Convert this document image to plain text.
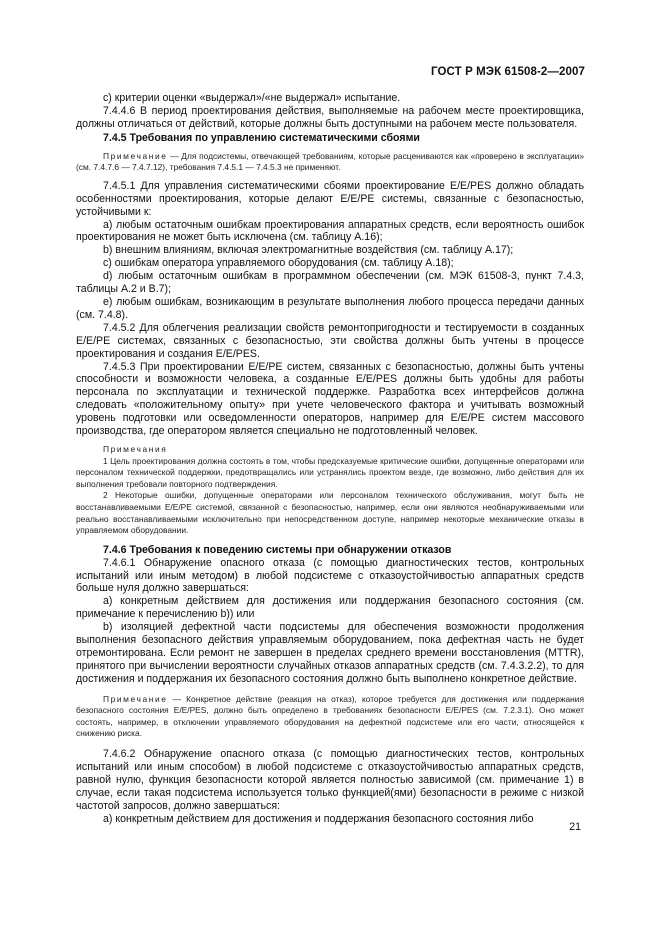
ГОСТ Р МЭК 61508-2—2007

c) критерии оценки «выдержал»/«не выдержал» испытание.

7.4.4.6 В период проектирования действия, выполняемые на рабочем месте проектировщика, должны отличаться от действий, которые должны быть доступными на рабочем месте пользователя.

7.4.5 Требования по управлению систематическими сбоями

Примечание — Для подсистемы, отвечающей требованиям, которые расцениваются как «проверено в эксплуатации» (см. 7.4.7.6 — 7.4.7.12), требования 7.4.5.1 — 7.4.5.3 не применяют.

7.4.5.1 Для управления систематическими сбоями проектирование E/E/PES должно обладать особенностями проектирования, которые делают E/E/PE системы, связанные с безопасностью, устойчивыми к:

a) любым остаточным ошибкам проектирования аппаратных средств, если вероятность ошибок проектирования не может быть исключена (см. таблицу А.16);

b) внешним влияниям, включая электромагнитные воздействия (см. таблицу А.17);

c) ошибкам оператора управляемого оборудования (см. таблицу А.18);

d) любым остаточным ошибкам в программном обеспечении (см. МЭК 61508-3, пункт 7.4.3, таблицы А.2 и В.7);

e) любым ошибкам, возникающим в результате выполнения любого процесса передачи данных (см. 7.4.8).

7.4.5.2 Для облегчения реализации свойств ремонтопригодности и тестируемости в созданных E/E/PE системах, связанных с безопасностью, эти свойства должны быть учтены в процессе проектирования и создания E/E/PES.

7.4.5.3 При проектировании E/E/PE систем, связанных с безопасностью, должны быть учтены способности и возможности человека, а созданные E/E/PES должны быть удобны для работы персонала по эксплуатации и технической поддержке. Разработка всех интерфейсов должна следовать «положительному опыту» при учете человеческого фактора и учитывать возможный уровень подготовки или осведомленности операторов, например для E/E/PE систем массового производства, где оператором является специально не подготовленный человек.

Примечания

1 Цель проектирования должна состоять в том, чтобы предсказуемые критические ошибки, допущенные операторами или персоналом технической поддержки, предотвращались или устранялись проектом везде, где возможно, либо действия для их выполнения требовали повторного подтверждения.

2 Некоторые ошибки, допущенные операторами или персоналом технического обслуживания, могут быть не восстанавливаемыми E/E/PE системой, связанной с безопасностью, например, если они являются необнаруживаемыми или реально восстанавливаемыми исключительно при непосредственном доступе, например некоторые механические отказы в управляемом оборудовании.

7.4.6 Требования к поведению системы при обнаружении отказов

7.4.6.1 Обнаружение опасного отказа (с помощью диагностических тестов, контрольных испытаний или иным методом) в любой подсистеме с отказоустойчивостью аппаратных средств больше нуля должно завершаться:

a) конкретным действием для достижения или поддержания безопасного состояния (см. примечание к перечислению b)) или

b) изоляцией дефектной части подсистемы для обеспечения возможности продолжения выполнения безопасного действия управляемым оборудованием, пока дефектная часть не будет отремонтирована. Если ремонт не завершен в пределах среднего времени восстановления (MTTR), принятого при вычислении вероятности случайных отказов аппаратных средств (см. 7.4.3.2.2), то для достижения и поддержания их безопасного состояния должно быть выполнено конкретное действие.

Примечание — Конкретное действие (реакция на отказ), которое требуется для достижения или поддержания безопасного состояния E/E/PES, должно быть определено в требованиях безопасности E/E/PES (см. 7.2.3.1). Оно может состоять, например, в отключении управляемого оборудования на дефектной подсистеме или его части, относящейся к снижению риска.

7.4.6.2 Обнаружение опасного отказа (с помощью диагностических тестов, контрольных испытаний или иным способом) в любой подсистеме с отказоустойчивостью аппаратных средств, равной нулю, функция безопасности которой является полностью зависимой (см. примечание 1) в случае, если такая подсистема используется только функцией(ями) безопасности в режиме с низкой частотой запросов, должно завершаться:

а) конкретным действием для достижения и поддержания безопасного состояния либо

21
